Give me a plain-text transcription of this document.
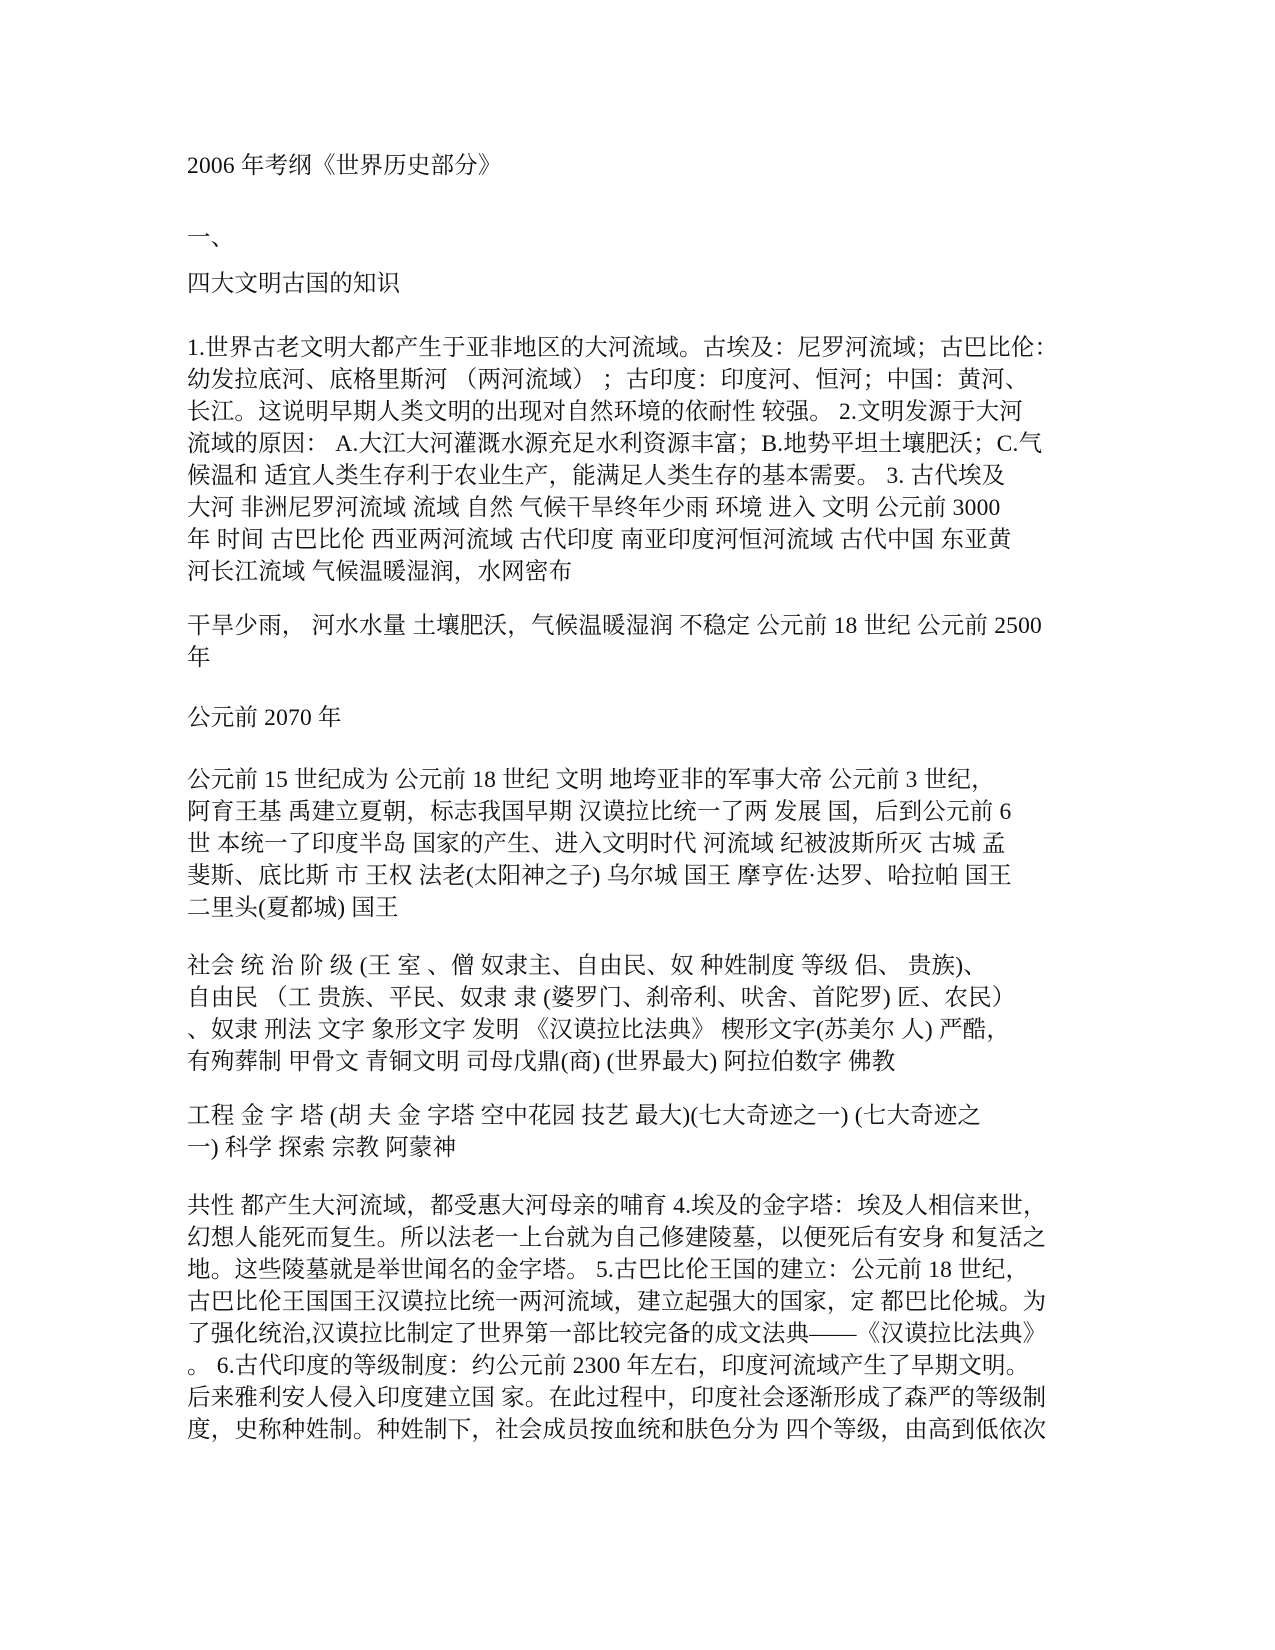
2006 年考纲《世界历史部分》
一、
四大文明古国的知识
1.世界古老文明大都产生于亚非地区的大河流域。古埃及：尼罗河流域；古巴比伦：
幼发拉底河、底格里斯河 （两河流域） ；古印度：印度河、恒河；中国：黄河、
长江。这说明早期人类文明的出现对自然环境的依耐性 较强。 2.文明发源于大河
流域的原因： A.大江大河灌溉水源充足水利资源丰富；B.地势平坦土壤肥沃；C.气
候温和 适宜人类生存利于农业生产，能满足人类生存的基本需要。 3. 古代埃及
大河 非洲尼罗河流域 流域 自然 气候干旱终年少雨 环境 进入 文明 公元前 3000
年 时间 古巴比伦 西亚两河流域 古代印度 南亚印度河恒河流域 古代中国 东亚黄
河长江流域 气候温暖湿润，水网密布
干旱少雨， 河水水量 土壤肥沃，气候温暖湿润 不稳定 公元前 18 世纪 公元前 2500
年
公元前 2070 年
公元前 15 世纪成为 公元前 18 世纪 文明 地垮亚非的军事大帝 公元前 3 世纪，
阿育王基 禹建立夏朝，标志我国早期 汉谟拉比统一了两 发展 国，后到公元前 6
世 本统一了印度半岛 国家的产生、进入文明时代 河流域 纪被波斯所灭 古城 孟
斐斯、底比斯 市 王权 法老(太阳神之子) 乌尔城 国王 摩亨佐·达罗、哈拉帕 国王
二里头(夏都城) 国王
社会 统 治 阶 级 (王 室 、僧 奴隶主、自由民、奴 种姓制度 等级 侣、 贵族)、
自由民 （工 贵族、平民、奴隶 隶 (婆罗门、刹帝利、吠舍、首陀罗) 匠、农民）
、奴隶 刑法 文字 象形文字 发明 《汉谟拉比法典》 楔形文字(苏美尔 人) 严酷，
有殉葬制 甲骨文 青铜文明 司母戊鼎(商) (世界最大) 阿拉伯数字 佛教
工程 金 字 塔 (胡 夫 金 字塔 空中花园 技艺 最大)(七大奇迹之一) (七大奇迹之
一) 科学 探索 宗教 阿蒙神
共性 都产生大河流域，都受惠大河母亲的哺育 4.埃及的金字塔：埃及人相信来世，
幻想人能死而复生。所以法老一上台就为自己修建陵墓，以便死后有安身 和复活之
地。这些陵墓就是举世闻名的金字塔。 5.古巴比伦王国的建立：公元前 18 世纪，
古巴比伦王国国王汉谟拉比统一两河流域，建立起强大的国家，定 都巴比伦城。为
了强化统治,汉谟拉比制定了世界第一部比较完备的成文法典——《汉谟拉比法典》
。 6.古代印度的等级制度：约公元前 2300 年左右，印度河流域产生了早期文明。
后来雅利安人侵入印度建立国 家。在此过程中，印度社会逐渐形成了森严的等级制
度，史称种姓制。种姓制下，社会成员按血统和肤色分为 四个等级，由高到低依次
